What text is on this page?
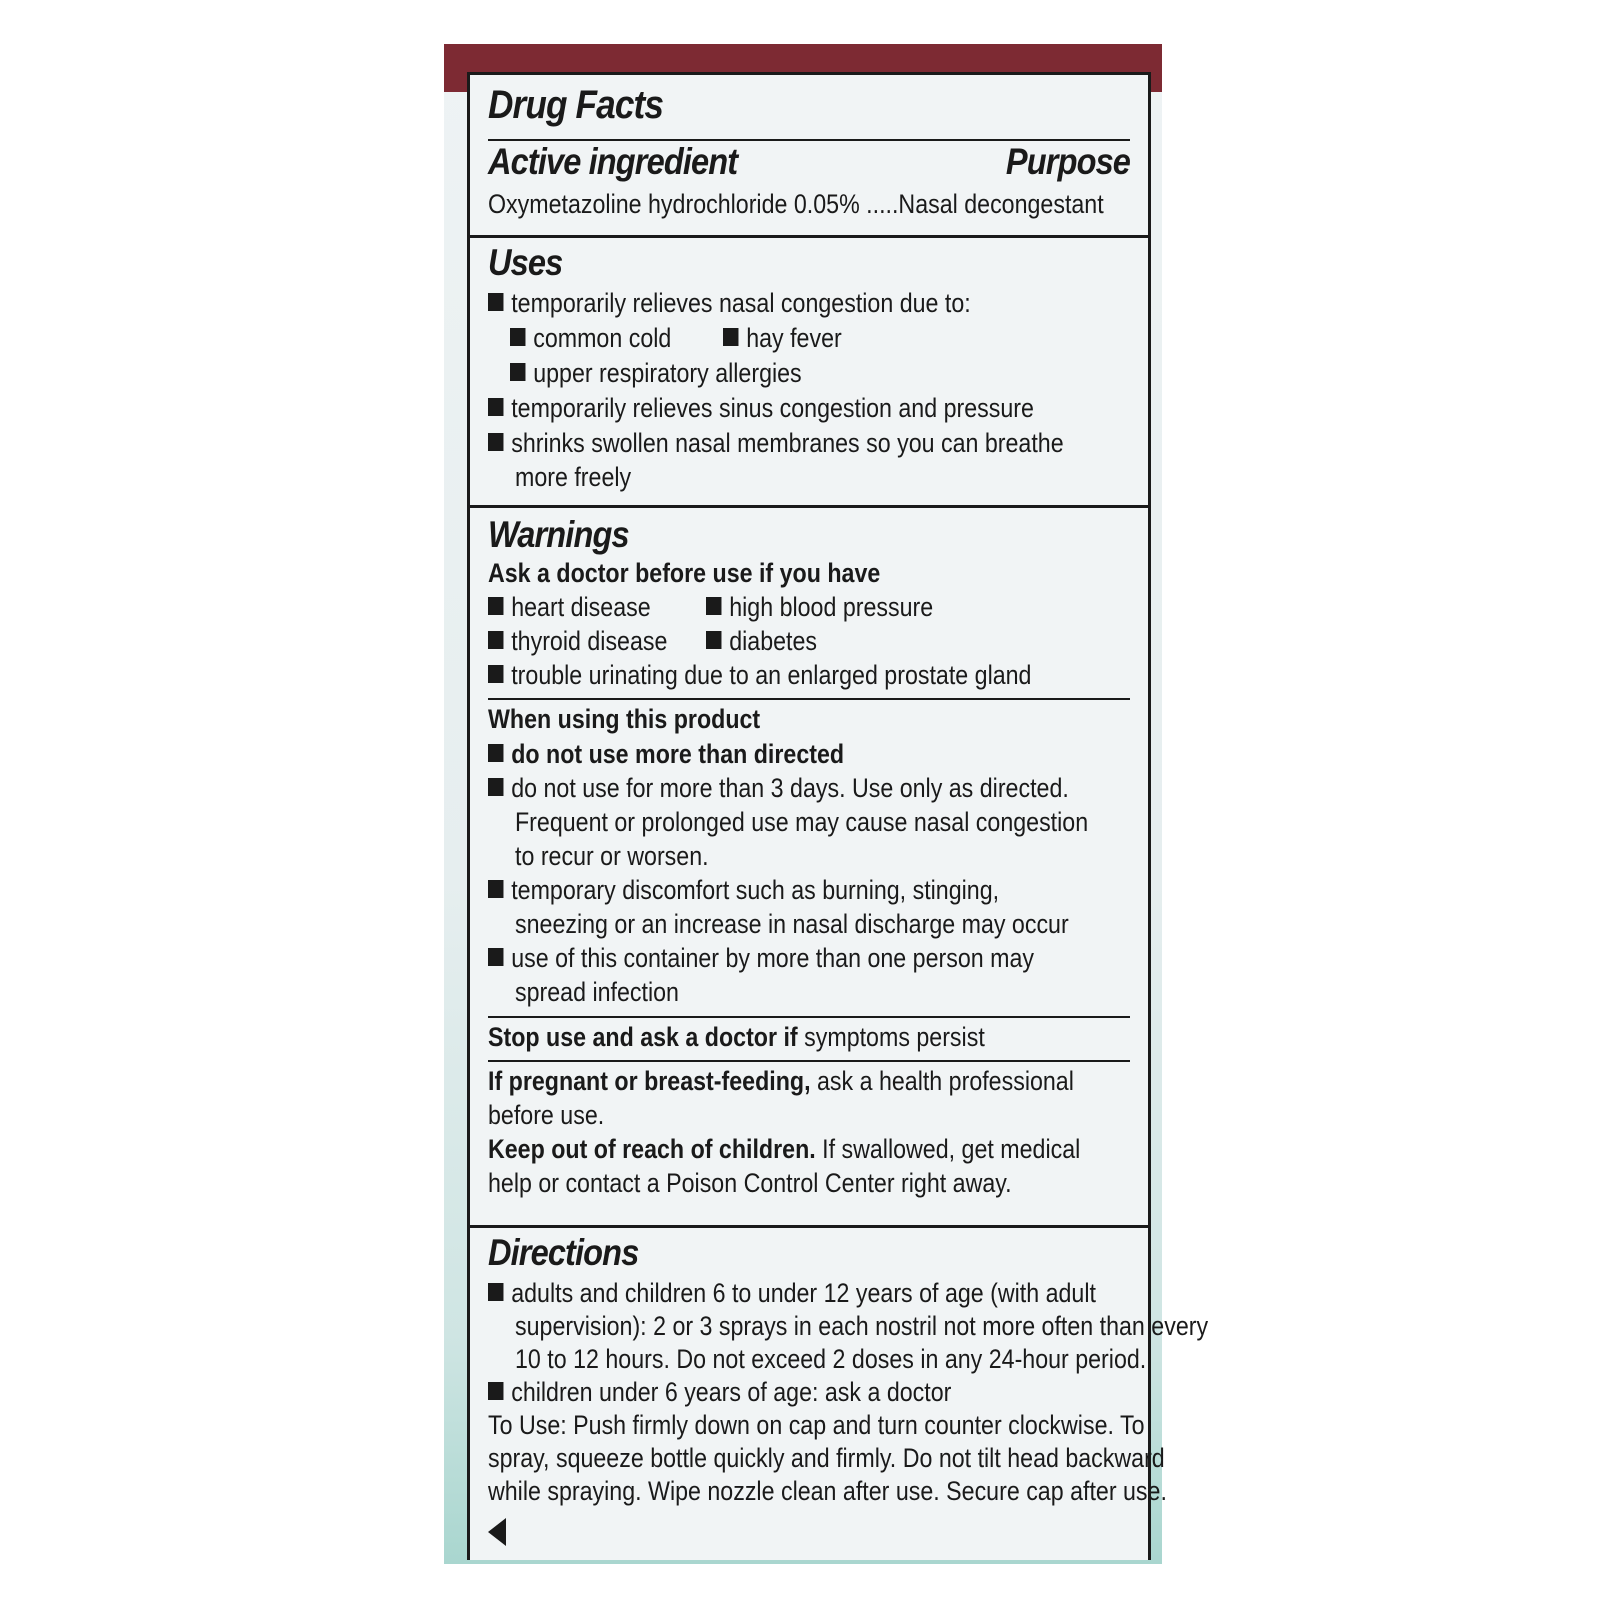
Drug Facts
Active ingredient	Purpose
Oxymetazoline hydrochloride 0.05% .....Nasal decongestant
Uses
temporarily relieves nasal congestion due to:
common cold	hay fever
upper respiratory allergies
temporarily relieves sinus congestion and pressure
shrinks swollen nasal membranes so you can breathe
more freely
Warnings
Ask a doctor before use if you have
heart disease	high blood pressure
thyroid disease	diabetes
trouble urinating due to an enlarged prostate gland
When using this product
do not use more than directed
do not use for more than 3 days. Use only as directed.
Frequent or prolonged use may cause nasal congestion
to recur or worsen.
temporary discomfort such as burning, stinging,
sneezing or an increase in nasal discharge may occur
use of this container by more than one person may
spread infection
Stop use and ask a doctor if symptoms persist
If pregnant or breast-feeding, ask a health professional
before use.
Keep out of reach of children. If swallowed, get medical
help or contact a Poison Control Center right away.
Directions
adults and children 6 to under 12 years of age (with adult
supervision): 2 or 3 sprays in each nostril not more often than every
10 to 12 hours. Do not exceed 2 doses in any 24-hour period.
children under 6 years of age: ask a doctor
To Use: Push firmly down on cap and turn counter clockwise. To
spray, squeeze bottle quickly and firmly. Do not tilt head backward
while spraying. Wipe nozzle clean after use. Secure cap after use.
